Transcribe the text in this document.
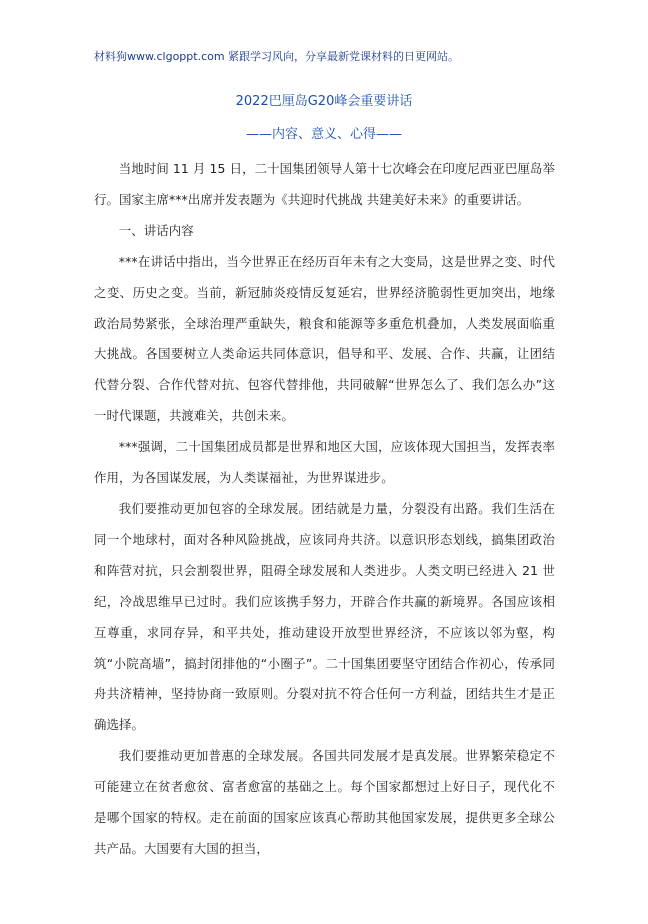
材料狗www.clgoppt.com 紧跟学习风向，分享最新党课材料的日更网站。
2022巴厘岛G20峰会重要讲话
——内容、意义、心得——

当地时间 11 月 15 日，二十国集团领导人第十七次峰会在印度尼西亚巴厘岛举行。国家主席***出席并发表题为《共迎时代挑战 共建美好未来》的重要讲话。

一、讲话内容

***在讲话中指出，当今世界正在经历百年未有之大变局，这是世界之变、时代之变、历史之变。当前，新冠肺炎疫情反复延宕，世界经济脆弱性更加突出，地缘政治局势紧张，全球治理严重缺失，粮食和能源等多重危机叠加，人类发展面临重大挑战。各国要树立人类命运共同体意识，倡导和平、发展、合作、共赢，让团结代替分裂、合作代替对抗、包容代替排他，共同破解“世界怎么了、我们怎么办”这一时代课题，共渡难关，共创未来。

***强调，二十国集团成员都是世界和地区大国，应该体现大国担当，发挥表率作用，为各国谋发展，为人类谋福祉，为世界谋进步。

我们要推动更加包容的全球发展。团结就是力量，分裂没有出路。我们生活在同一个地球村，面对各种风险挑战，应该同舟共济。以意识形态划线，搞集团政治和阵营对抗，只会割裂世界，阻碍全球发展和人类进步。人类文明已经进入 21 世纪，冷战思维早已过时。我们应该携手努力，开辟合作共赢的新境界。各国应该相互尊重，求同存异，和平共处，推动建设开放型世界经济，不应该以邻为壑，构筑“小院高墙”，搞封闭排他的“小圈子”。二十国集团要坚守团结合作初心，传承同舟共济精神，坚持协商一致原则。分裂对抗不符合任何一方利益，团结共生才是正确选择。

我们要推动更加普惠的全球发展。各国共同发展才是真发展。世界繁荣稳定不可能建立在贫者愈贫、富者愈富的基础之上。每个国家都想过上好日子，现代化不是哪个国家的特权。走在前面的国家应该真心帮助其他国家发展，提供更多全球公共产品。大国要有大国的担当，
